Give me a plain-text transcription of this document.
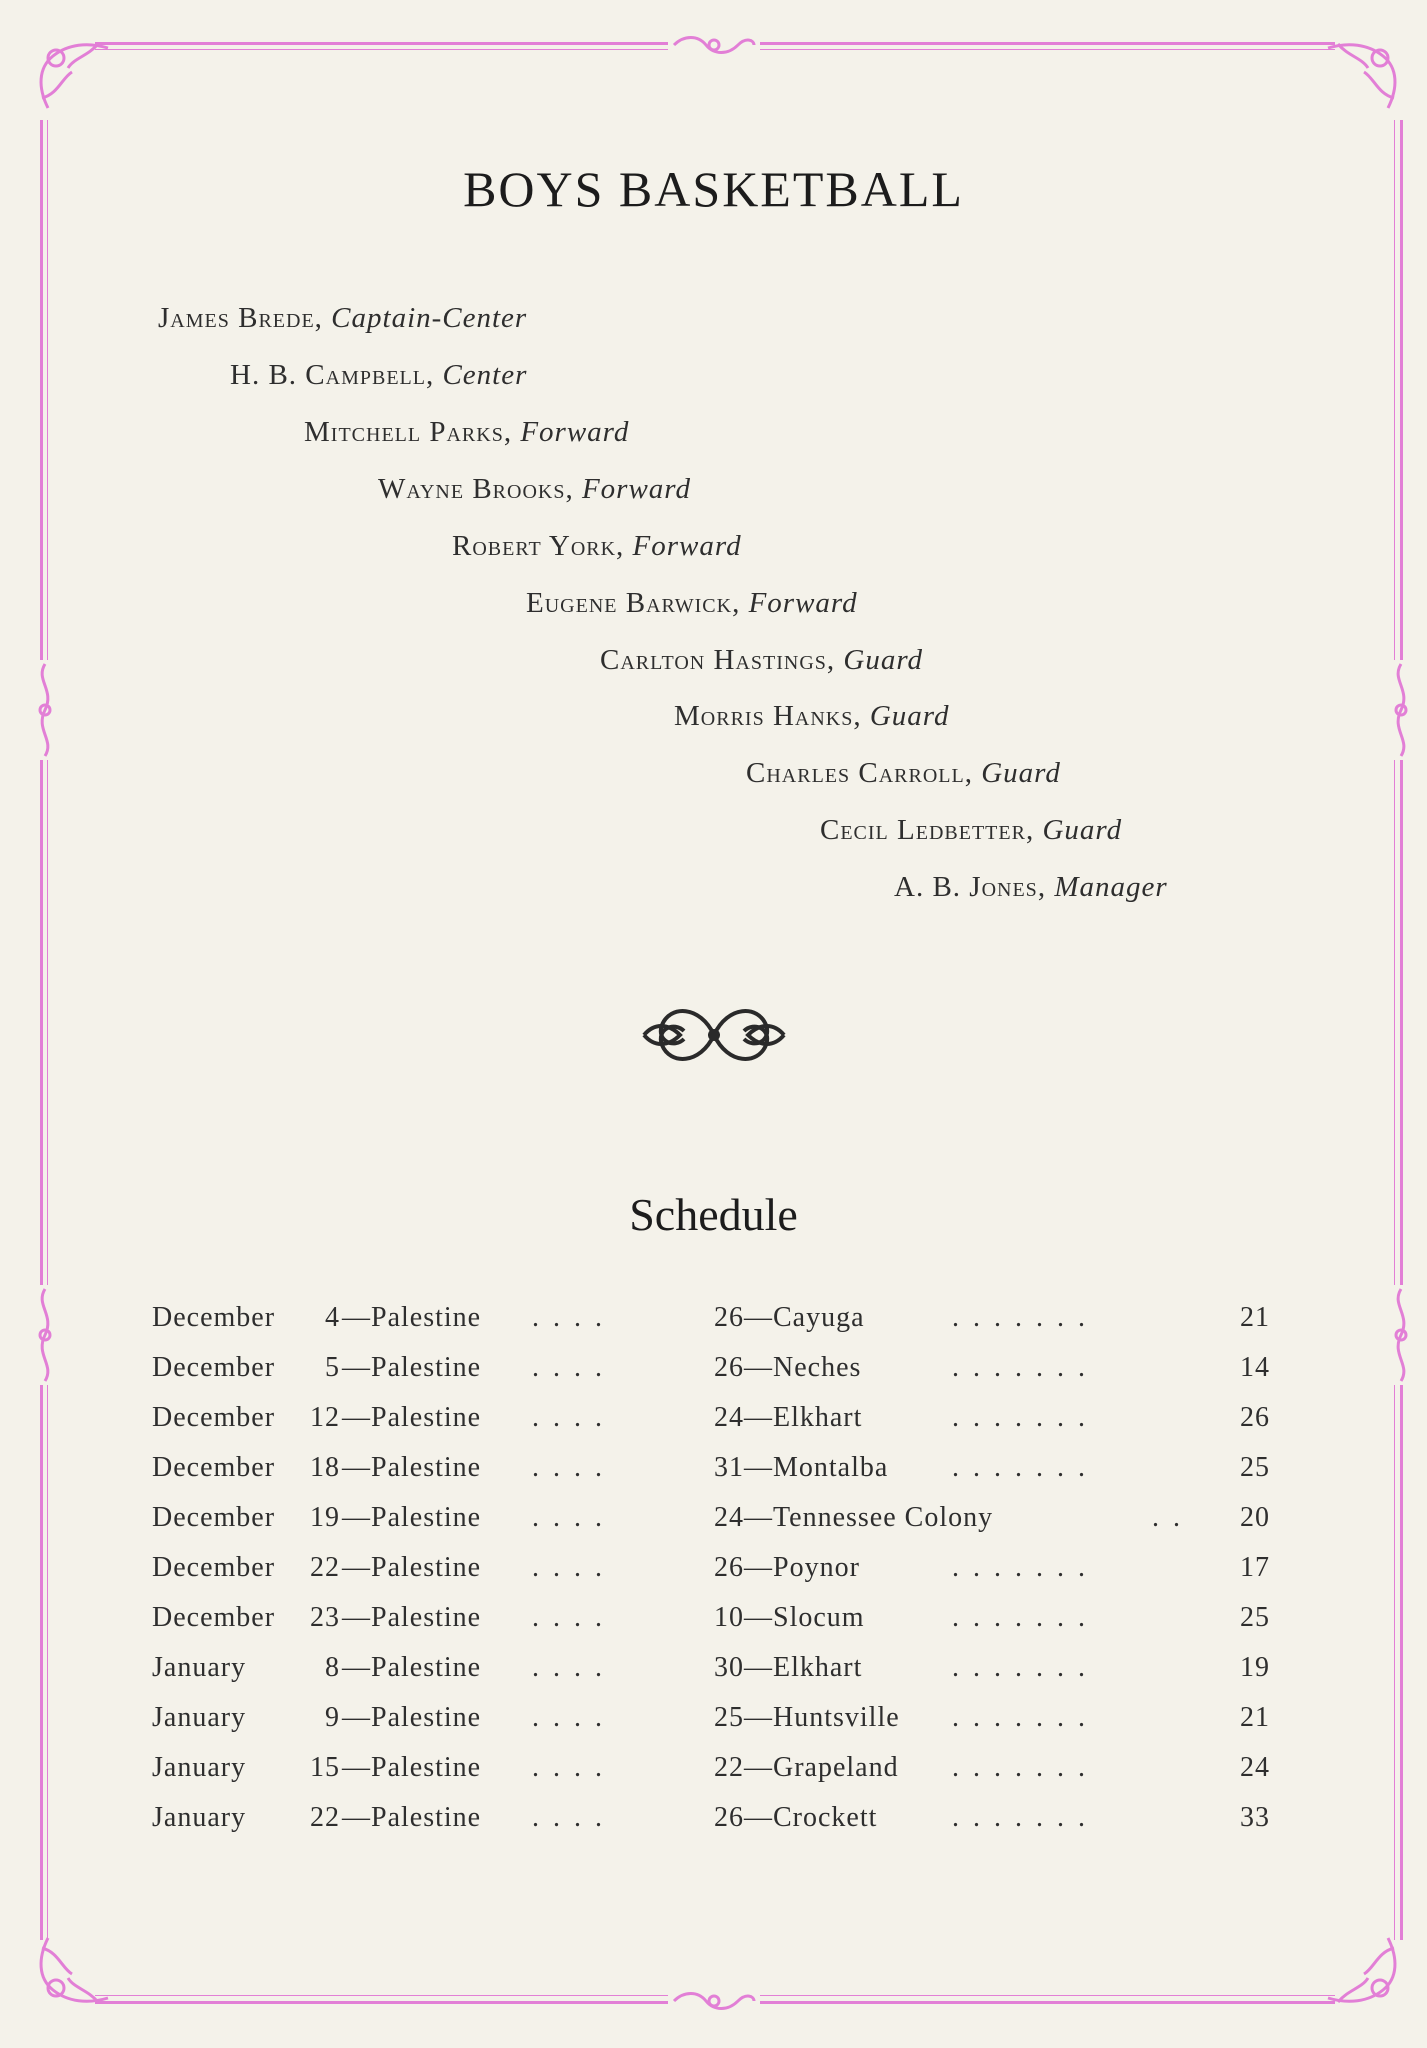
BOYS BASKETBALL
James Brede, Captain-Center
H. B. Campbell, Center
Mitchell Parks, Forward
Wayne Brooks, Forward
Robert York, Forward
Eugene Barwick, Forward
Carlton Hastings, Guard
Morris Hanks, Guard
Charles Carroll, Guard
Cecil Ledbetter, Guard
A. B. Jones, Manager
Schedule
December	4 —Palestine ....	26—Cayuga	.......	21
December	5 —Palestine ....	26—Neches	.......	14
December	12 —Palestine ....	24—Elkhart	.......	26
December	18 —Palestine ....	31—Montalba .......	25
December	19 —Palestine ....	24—Tennessee Colony	..	20
December	22 —Palestine ....	26—Poynor	.......	17
December	23 —Palestine ....	10—Slocum	.......	25
January	8 —Palestine ....	30—Elkhart	.......	19
January	9 —Palestine ....	25—Huntsville .......	21
January	15 —Palestine ....	22—Grapeland .......	24
January	22 —Palestine ....	26—Crockett	.......	33
